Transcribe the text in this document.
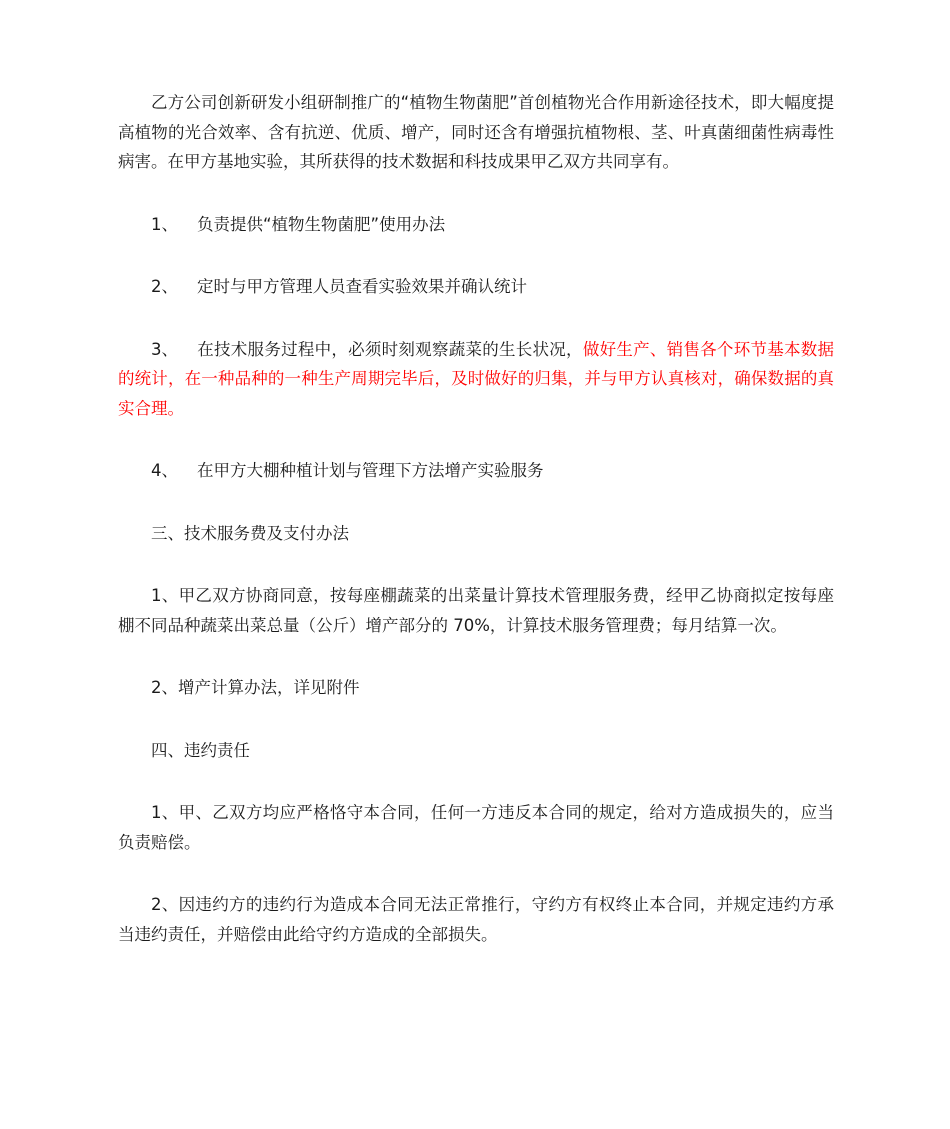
乙方公司创新研发小组研制推广的“植物生物菌肥”首创植物光合作用新途径技术，即大幅度提高植物的光合效率、含有抗逆、优质、增产，同时还含有增强抗植物根、茎、叶真菌细菌性病毒性病害。在甲方基地实验，其所获得的技术数据和科技成果甲乙双方共同享有。

1、 负责提供“植物生物菌肥”使用办法

2、 定时与甲方管理人员查看实验效果并确认统计

3、 在技术服务过程中，必须时刻观察蔬菜的生长状况，做好生产、销售各个环节基本数据的统计，在一种品种的一种生产周期完毕后，及时做好的归集，并与甲方认真核对，确保数据的真实合理。

4、 在甲方大棚种植计划与管理下方法增产实验服务

三、技术服务费及支付办法

1、甲乙双方协商同意，按每座棚蔬菜的出菜量计算技术管理服务费，经甲乙协商拟定按每座棚不同品种蔬菜出菜总量（公斤）增产部分的 70%，计算技术服务管理费；每月结算一次。

2、增产计算办法，详见附件

四、违约责任

1、甲、乙双方均应严格恪守本合同，任何一方违反本合同的规定，给对方造成损失的，应当负责赔偿。

2、因违约方的违约行为造成本合同无法正常推行，守约方有权终止本合同，并规定违约方承当违约责任，并赔偿由此给守约方造成的全部损失。
